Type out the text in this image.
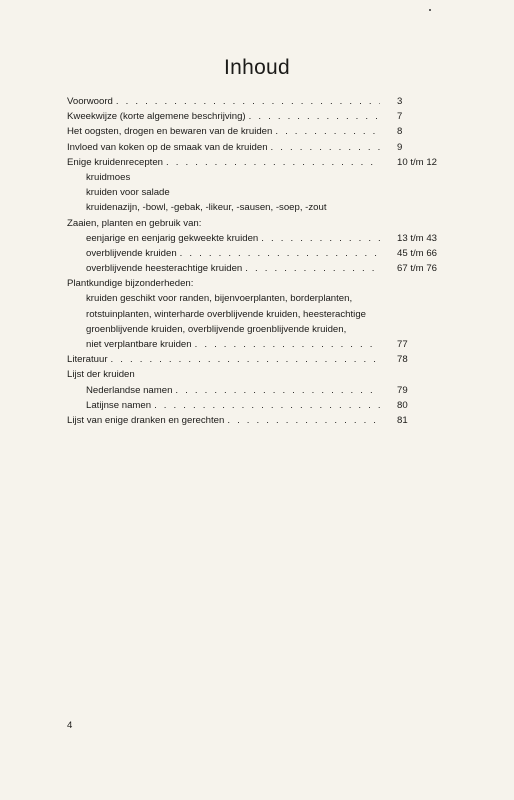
Inhoud
Voorwoord . . .	3
Kweekwijze (korte algemene beschrijving) . . .	7
Het oogsten, drogen en bewaren van de kruiden . . .	8
Invloed van koken op de smaak van de kruiden . . .	9
Enige kruidenrecepten . . .	10 t/m 12
kruidmoes
kruiden voor salade
kruidenazijn, -bowl, -gebak, -likeur, -sausen, -soep, -zout
Zaaien, planten en gebruik van:
eenjarige en eenjarig gekweekte kruiden . . .	13 t/m 43
overblijvende kruiden . . .	45 t/m 66
overblijvende heesterachtige kruiden . . .	67 t/m 76
Plantkundige bijzonderheden:
kruiden geschikt voor randen, bijenvoerplanten, borderplanten,
rotstuinplanten, winterharde overblijvende kruiden, heesterachtige
groenblijvende kruiden, overblijvende groenblijvende kruiden,
niet verplantbare kruiden . . .	77
Literatuur . . .	78
Lijst der kruiden
Nederlandse namen . . .	79
Latijnse namen . . .	80
Lijst van enige dranken en gerechten . . .	81
4
